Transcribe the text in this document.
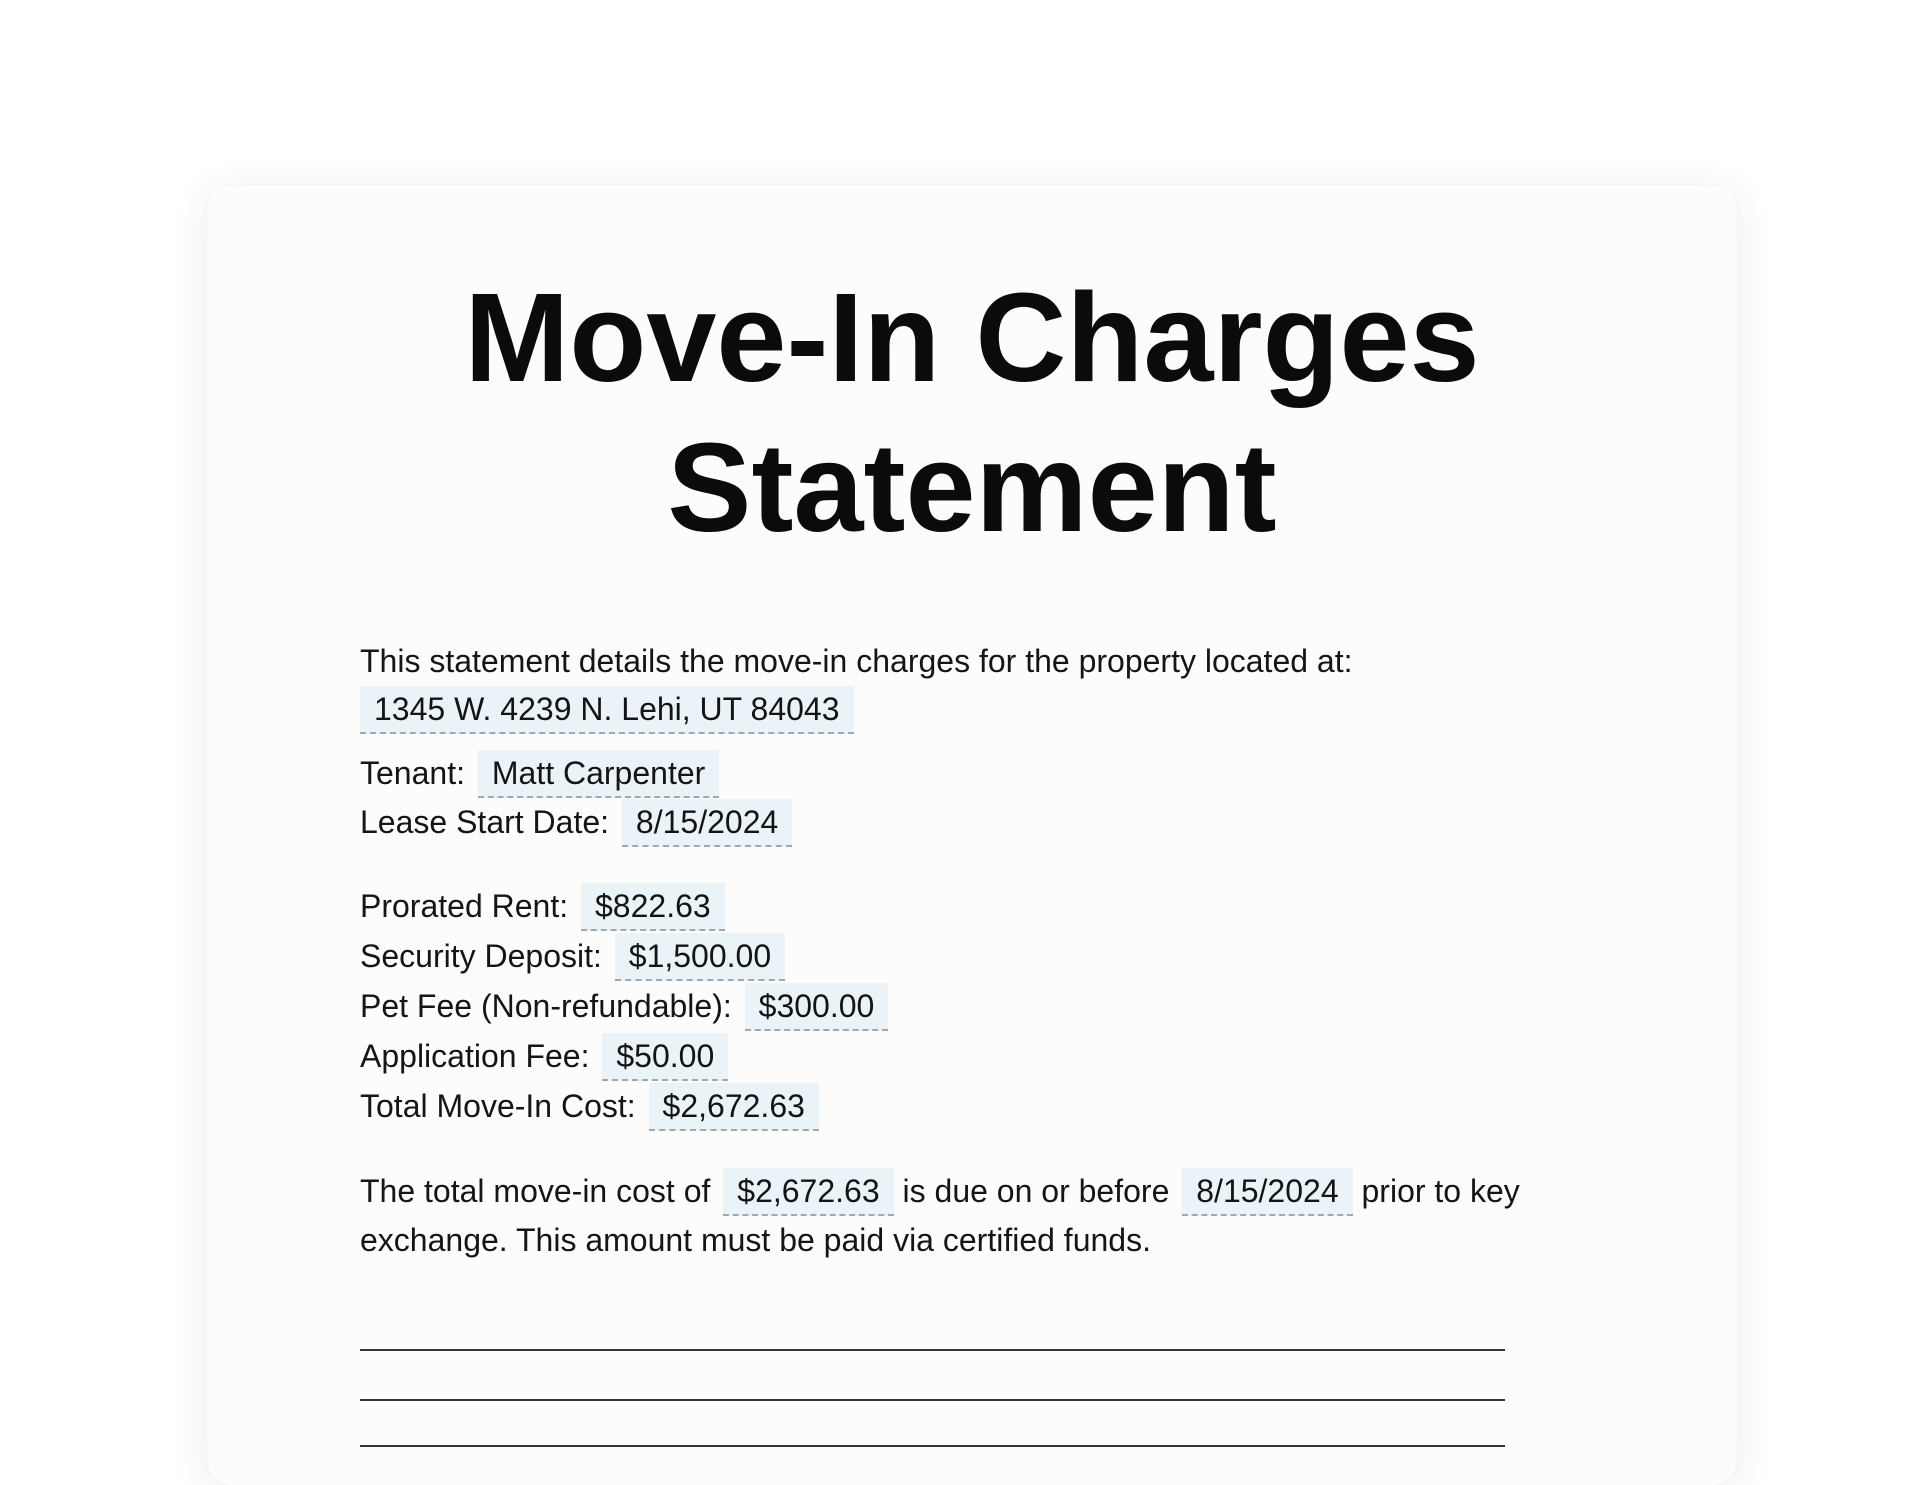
Move-In Charges
Statement
This statement details the move-in charges for the property located at:
1345 W. 4239 N. Lehi, UT 84043
Tenant: Matt Carpenter
Lease Start Date: 8/15/2024
Prorated Rent: $822.63
Security Deposit: $1,500.00
Pet Fee (Non-refundable): $300.00
Application Fee: $50.00
Total Move-In Cost: $2,672.63
The total move-in cost of $2,672.63 is due on or before 8/15/2024 prior to key
exchange. This amount must be paid via certified funds.
